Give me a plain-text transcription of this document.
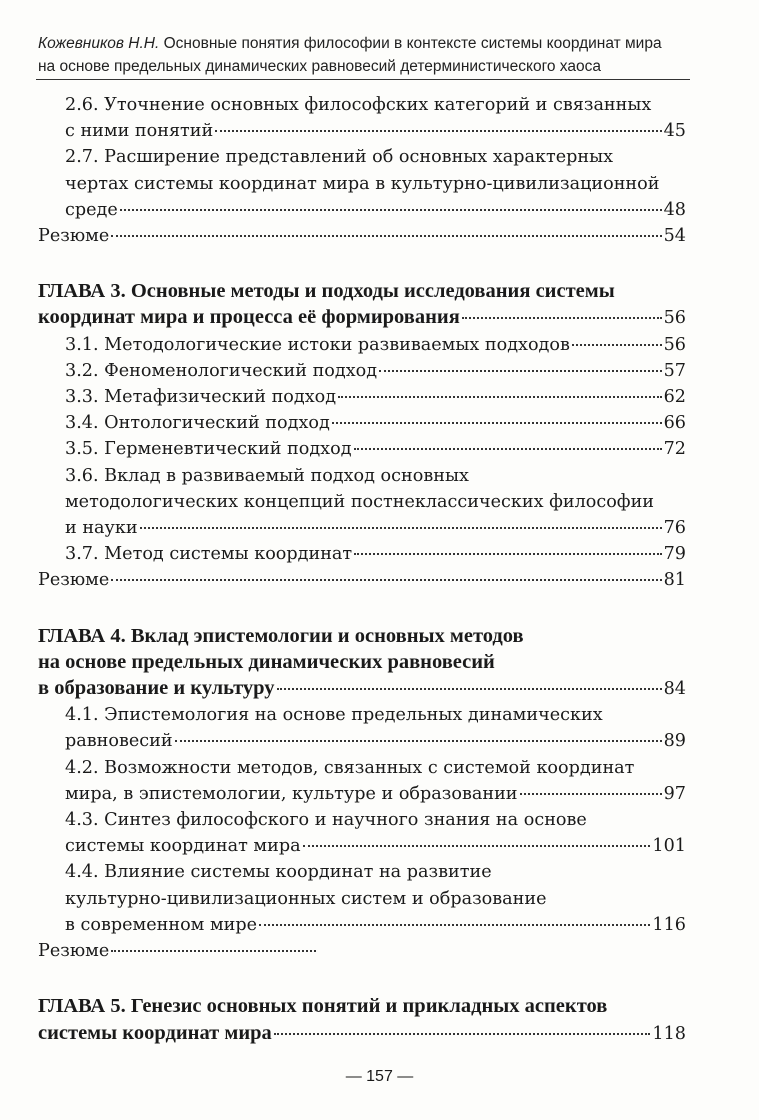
Кожевников Н.Н. Основные понятия философии в контексте системы координат мира
на основе предельных динамических равновесий детерминистического хаоса
2.6. Уточнение основных философских категорий и связанных
с ними понятий	45
2.7. Расширение представлений об основных характерных
чертах системы координат мира в культурно-цивилизационной
среде	48
Резюме	54
ГЛАВА 3. Основные методы и подходы исследования системы
координат мира и процесса её формирования	56
3.1. Методологические истоки развиваемых подходов	56
3.2. Феноменологический подход	57
3.3. Метафизический подход	62
3.4. Онтологический подход	66
3.5. Герменевтический подход	72
3.6. Вклад в развиваемый подход основных
методологических концепций постнеклассических философии
и науки	76
3.7. Метод системы координат	79
Резюме	81
ГЛАВА 4. Вклад эпистемологии и основных методов
на основе предельных динамических равновесий
в образование и культуру	84
4.1. Эпистемология на основе предельных динамических
равновесий	89
4.2. Возможности методов, связанных с системой координат
мира, в эпистемологии, культуре и образовании	97
4.3. Синтез философского и научного знания на основе
системы координат мира	101
4.4. Влияние системы координат на развитие
культурно-цивилизационных систем и образование
в современном мире	116
Резюме
ГЛАВА 5. Генезис основных понятий и прикладных аспектов
системы координат мира	118
— 157 —
